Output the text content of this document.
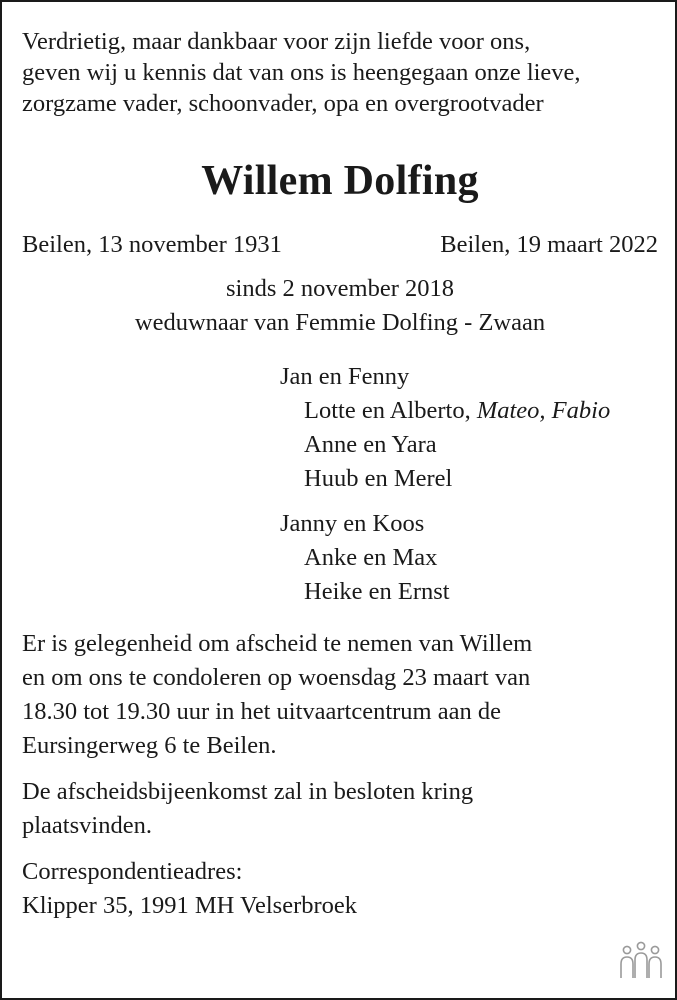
Verdrietig, maar dankbaar voor zijn liefde voor ons,

geven wij u kennis dat van ons is heengegaan onze lieve,

zorgzame vader, schoonvader, opa en overgrootvader

Willem Dolfing
Beilen, 13 november 1931	Beilen, 19 maart 2022

sinds 2 november 2018

weduwnaar van Femmie Dolfing - Zwaan

Jan en Fenny

Lotte en Alberto, Mateo, Fabio

Anne en Yara

Huub en Merel

Janny en Koos

Anke en Max

Heike en Ernst

Er is gelegenheid om afscheid te nemen van Willem
en om ons te condoleren op woensdag 23 maart van
18.30 tot 19.30 uur in het uitvaartcentrum aan de
Eursingerweg 6 te Beilen.

De afscheidsbijeenkomst zal in besloten kring
plaatsvinden.

Correspondentieadres:

Klipper 35, 1991 MH Velserbroek
